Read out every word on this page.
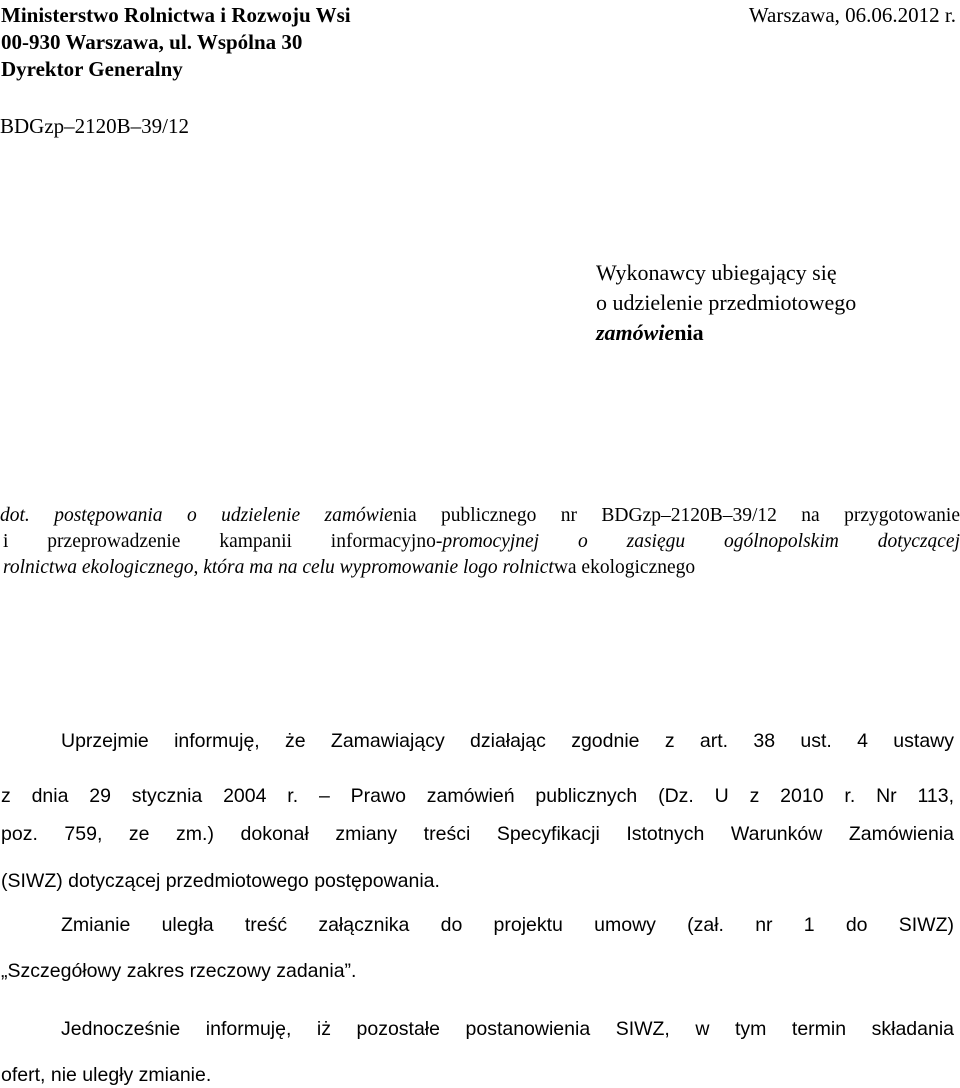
Ministerstwo Rolnictwa i Rozwoju Wsi
00-930 Warszawa, ul. Wspólna 30
Dyrektor Generalny
Warszawa, 06.06.2012 r.
BDGzp–2120B–39/12
Wykonawcy ubiegający się
o udzielenie przedmiotowego
zamówienia
dot. postępowania o udzielenie zamówienia publicznego nr BDGzp–2120B–39/12 na przygotowanie
i przeprowadzenie kampanii informacyjno-promocyjnej o zasięgu ogólnopolskim dotyczącej
rolnictwa ekologicznego, która ma na celu wypromowanie logo rolnictwa ekologicznego
Uprzejmie informuję, że Zamawiający działając zgodnie z art. 38 ust. 4 ustawy
z dnia 29 stycznia 2004 r. – Prawo zamówień publicznych (Dz. U z 2010 r. Nr 113,
poz. 759, ze zm.) dokonał zmiany treści Specyfikacji Istotnych Warunków Zamówienia
(SIWZ) dotyczącej przedmiotowego postępowania.
Zmianie uległa treść załącznika do projektu umowy (zał. nr 1 do SIWZ)
„Szczegółowy zakres rzeczowy zadania”.
Jednocześnie informuję, iż pozostałe postanowienia SIWZ, w tym termin składania
ofert, nie uległy zmianie.
